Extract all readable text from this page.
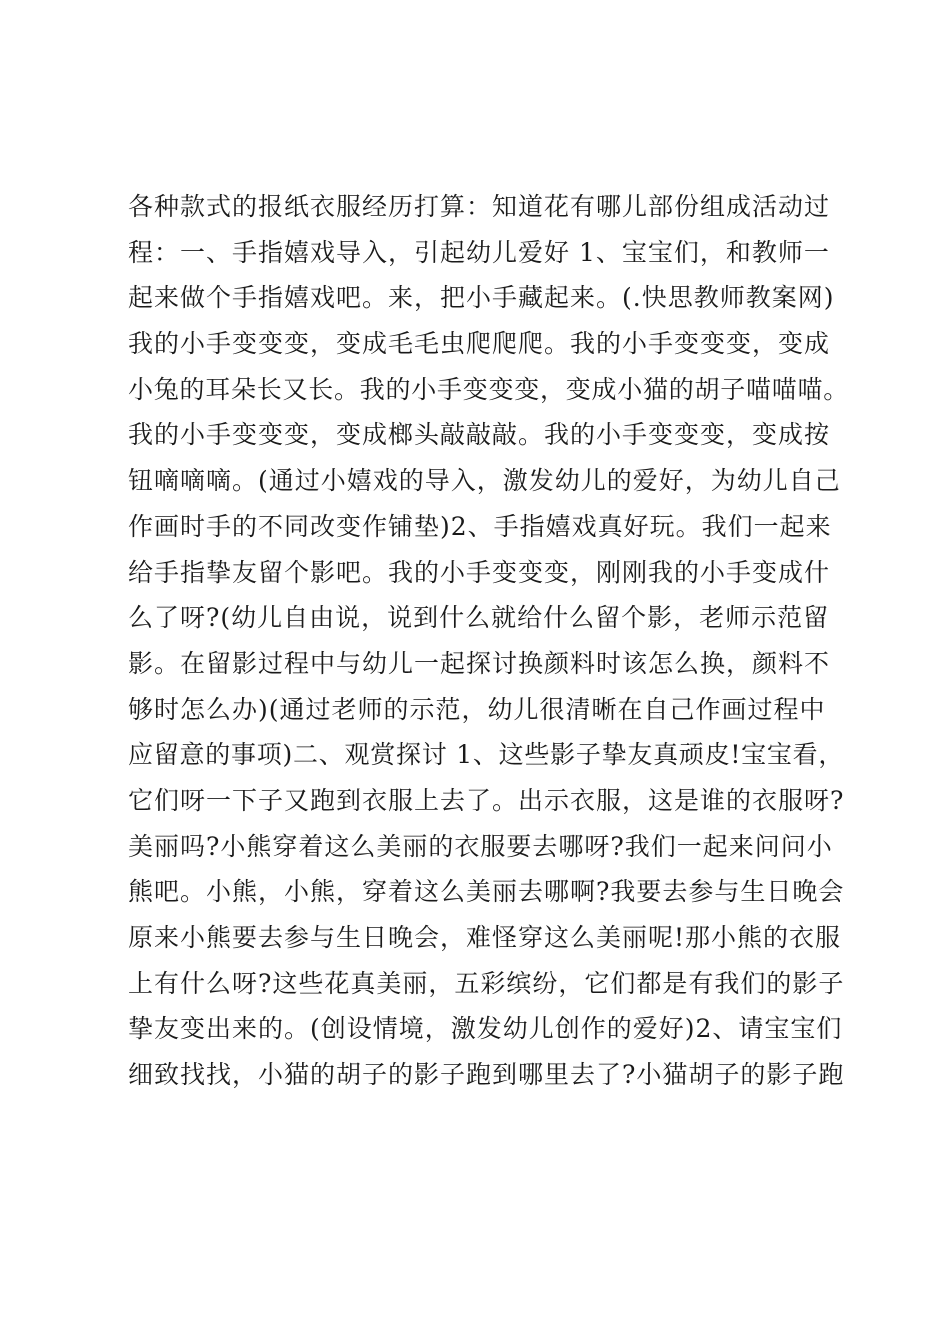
各种款式的报纸衣服经历打算：知道花有哪儿部份组成活动过
程：一、手指嬉戏导入，引起幼儿爱好 1、宝宝们，和教师一
起来做个手指嬉戏吧。来，把小手藏起来。(.快思教师教案网)
我的小手变变变，变成毛毛虫爬爬爬。我的小手变变变，变成
小兔的耳朵长又长。我的小手变变变，变成小猫的胡子喵喵喵。
我的小手变变变，变成榔头敲敲敲。我的小手变变变，变成按
钮嘀嘀嘀。(通过小嬉戏的导入，激发幼儿的爱好，为幼儿自己
作画时手的不同改变作铺垫)2、手指嬉戏真好玩。我们一起来
给手指挚友留个影吧。我的小手变变变，刚刚我的小手变成什
么了呀?(幼儿自由说，说到什么就给什么留个影，老师示范留
影。在留影过程中与幼儿一起探讨换颜料时该怎么换，颜料不
够时怎么办)(通过老师的示范，幼儿很清晰在自己作画过程中
应留意的事项)二、观赏探讨 1、这些影子挚友真顽皮!宝宝看，
它们呀一下子又跑到衣服上去了。出示衣服，这是谁的衣服呀?
美丽吗?小熊穿着这么美丽的衣服要去哪呀?我们一起来问问小
熊吧。小熊，小熊，穿着这么美丽去哪啊?我要去参与生日晚会
原来小熊要去参与生日晚会，难怪穿这么美丽呢!那小熊的衣服
上有什么呀?这些花真美丽，五彩缤纷，它们都是有我们的影子
挚友变出来的。(创设情境，激发幼儿创作的爱好)2、请宝宝们
细致找找，小猫的胡子的影子跑到哪里去了?小猫胡子的影子跑
